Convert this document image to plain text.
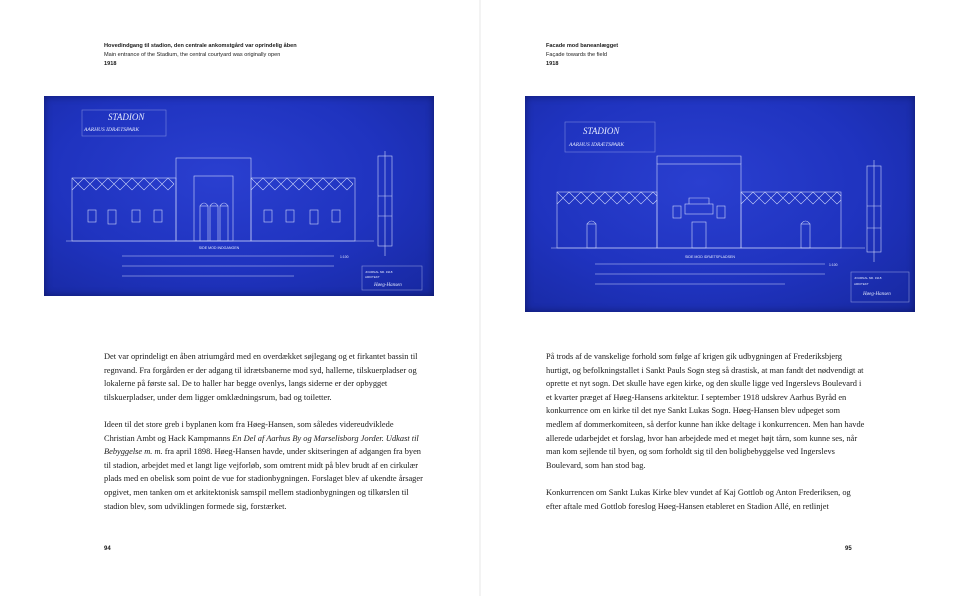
Hovedindgang til stadion, den centrale ankomstgård var oprindelig åben
Main entrance of the Stadium, the central courtyard was originally open
1918
STADION
AARHUS IDRÆTSPARK
SIDE MOD INDGANGEN
1:100
JOURNAL NR. 1918
ARKITEKT
Høeg-Hansen

Det var oprindeligt en åben atriumgård med en overdækket søjlegang og et firkantet bassin til regnvand. Fra forgården er der adgang til idrætsbanerne mod syd, hallerne, tilskuerpladser og lokalerne på første sal. De to haller har begge ovenlys, langs siderne er der opbygget tilskuerpladser, under dem ligger omklædningsrum, bad og toiletter.

Ideen til det store greb i byplanen kom fra Høeg-Hansen, som således videreudviklede Christian Ambt og Hack Kampmanns En Del af Aarhus By og Marselisborg Jorder. Udkast til Bebyggelse m. m. fra april 1898. Høeg-Hansen havde, under skitseringen af adgangen fra byen til stadion, arbejdet med et langt lige vejforløb, som omtrent midt på blev brudt af en cirkulær plads med en obelisk som point de vue for stadionbygningen. Forslaget blev af ukendte årsager opgivet, men tanken om et arkitektonisk samspil mellem stadionbygningen og tilkørslen til stadion blev, som udviklingen formede sig, forstærket.

94
Facade mod baneanlægget
Façade towards the field
1918
STADION
AARHUS IDRÆTSPARK
SIDE MOD IDRÆTSPLADSEN
1:100
JOURNAL NR. 1918
ARKITEKT
Høeg-Hansen

På trods af de vanskelige forhold som følge af krigen gik udbygningen af Frederiksbjerg hurtigt, og befolkningstallet i Sankt Pauls Sogn steg så drastisk, at man fandt det nødvendigt at oprette et nyt sogn. Det skulle have egen kirke, og den skulle ligge ved Ingerslevs Boulevard i et kvarter præget af Høeg-Hansens arkitektur. I september 1918 udskrev Aarhus Byråd en konkurrence om en kirke til det nye Sankt Lukas Sogn. Høeg-Hansen blev udpeget som medlem af dommerkomiteen, så derfor kunne han ikke deltage i konkurrencen. Men han havde allerede udarbejdet et forslag, hvor han arbejdede med et meget højt tårn, som kunne ses, når man kom sejlende til byen, og som forholdt sig til den boligbebyggelse ved Ingerslevs Boulevard, som han stod bag.

Konkurrencen om Sankt Lukas Kirke blev vundet af Kaj Gottlob og Anton Frederiksen, og efter aftale med Gottlob foreslog Høeg-Hansen etableret en Stadion Allé, en retlinjet

95
